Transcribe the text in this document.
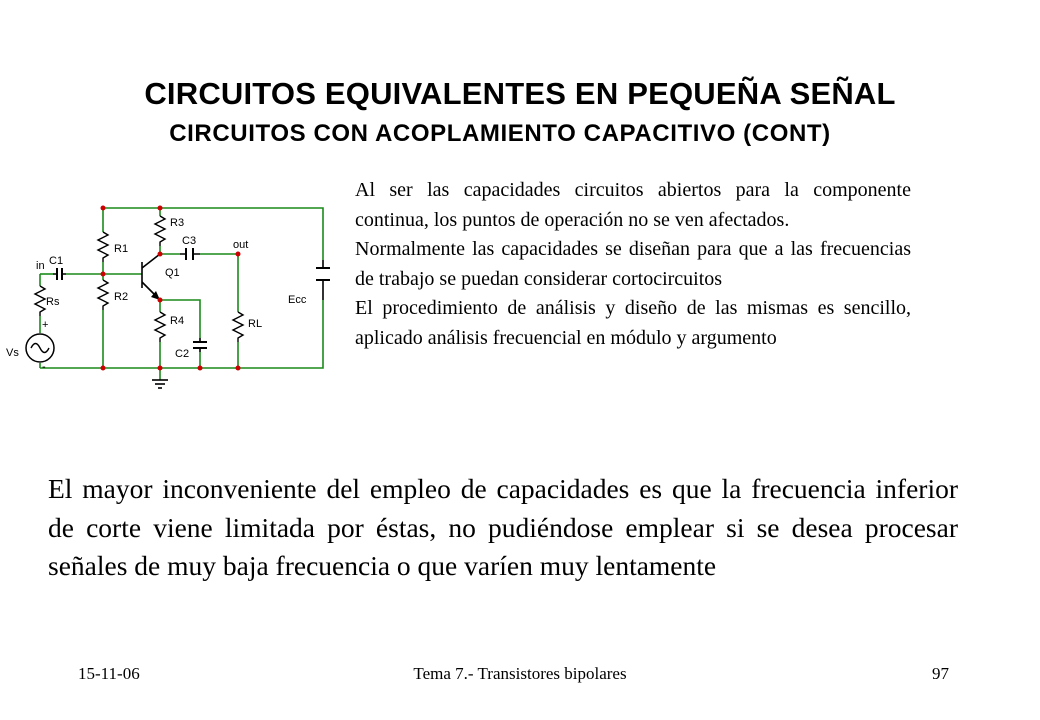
CIRCUITOS EQUIVALENTES EN PEQUEÑA SEÑAL
CIRCUITOS CON ACOPLAMIENTO CAPACITIVO (CONT)
in C1
Rs
Vs
+
-
R1
R2
R3
R4
C3
Q1
out
C2
RL
Ecc

Al ser las capacidades circuitos abiertos para la componente continua, los puntos de operación no se ven afectados.

Normalmente las capacidades se diseñan para que a las frecuencias de trabajo se puedan considerar cortocircuitos

El procedimiento de análisis y diseño de las mismas es sencillo, aplicado análisis frecuencial en módulo y argumento

El mayor inconveniente del empleo de capacidades es que la frecuencia inferior de corte viene limitada por éstas, no pudiéndose emplear si se desea procesar señales de muy baja frecuencia o que varíen muy lentamente

15-11-06	Tema 7.- Transistores bipolares	97
